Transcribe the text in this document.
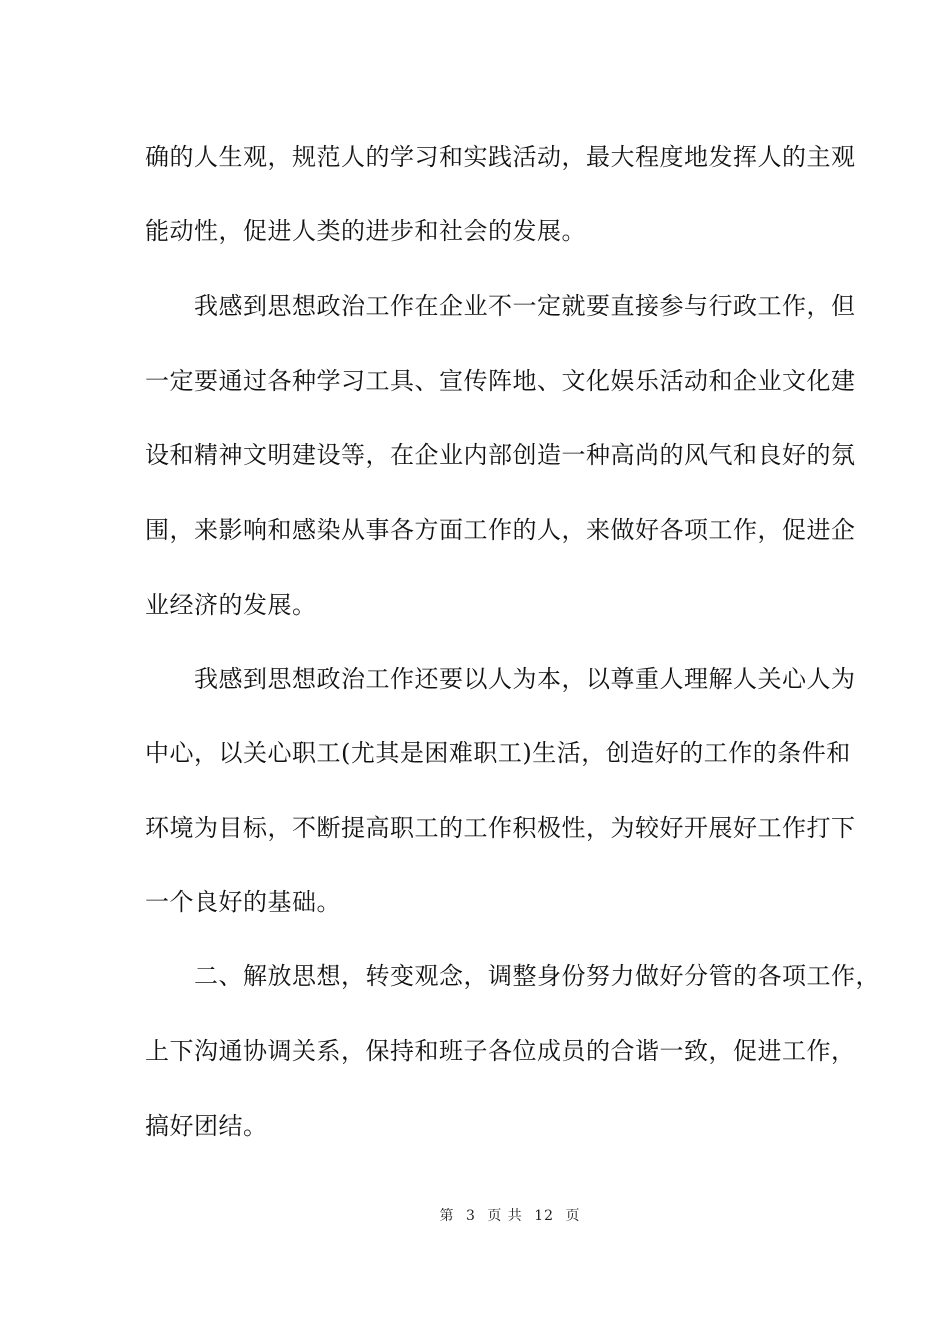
确的人生观，规范人的学习和实践活动，最大程度地发挥人的主观
能动性，促进人类的进步和社会的发展。
　　我感到思想政治工作在企业不一定就要直接参与行政工作，但
一定要通过各种学习工具、宣传阵地、文化娱乐活动和企业文化建
设和精神文明建设等，在企业内部创造一种高尚的风气和良好的氛
围，来影响和感染从事各方面工作的人，来做好各项工作，促进企
业经济的发展。
　　我感到思想政治工作还要以人为本，以尊重人理解人关心人为
中心，以关心职工(尤其是困难职工)生活，创造好的工作的条件和
环境为目标，不断提高职工的工作积极性，为较好开展好工作打下
一个良好的基础。
　　二、解放思想，转变观念，调整身份努力做好分管的各项工作，
上下沟通协调关系，保持和班子各位成员的合谐一致，促进工作，
搞好团结。
第 3 页 共 12 页
